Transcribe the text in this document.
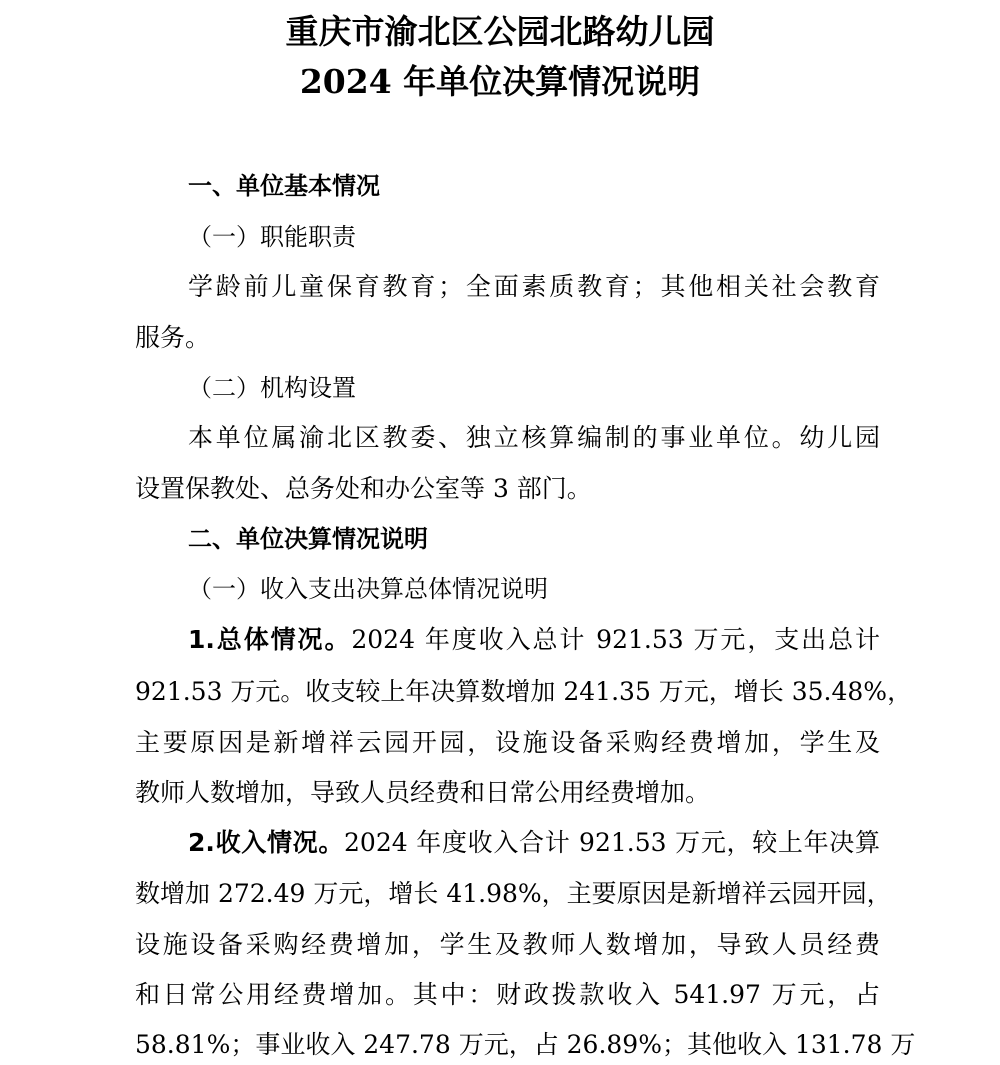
重庆市渝北区公园北路幼儿园
2024 年单位决算情况说明

一、单位基本情况

（一）职能职责

学龄前儿童保育教育；全面素质教育；其他相关社会教育

服务。

（二）机构设置

本单位属渝北区教委、独立核算编制的事业单位。幼儿园

设置保教处、总务处和办公室等 3 部门。

二、单位决算情况说明

（一）收入支出决算总体情况说明

1.总体情况。2024 年度收入总计 921.53 万元，支出总计

921.53 万元。收支较上年决算数增加 241.35 万元，增长 35.48%，

主要原因是新增祥云园开园，设施设备采购经费增加，学生及

教师人数增加，导致人员经费和日常公用经费增加。

2.收入情况。2024 年度收入合计 921.53 万元，较上年决算

数增加 272.49 万元，增长 41.98%，主要原因是新增祥云园开园，

设施设备采购经费增加，学生及教师人数增加，导致人员经费

和日常公用经费增加。其中：财政拨款收入 541.97 万元，占

58.81%；事业收入 247.78 万元，占 26.89%；其他收入 131.78 万
